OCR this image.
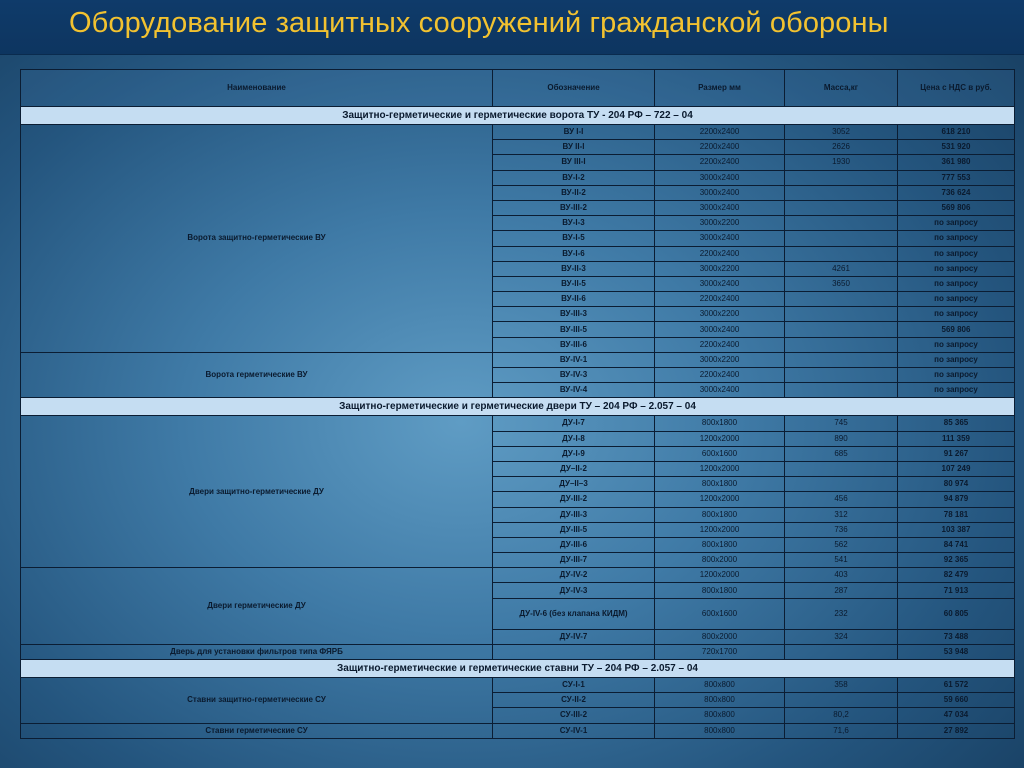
Оборудование защитных сооружений гражданской обороны
Наименование	Обозначение	Размер мм	Масса,кг	Цена с НДС в руб.
Защитно-герметические и герметические ворота ТУ - 204 РФ – 722 – 04				
Ворота защитно-герметические ВУ	ВУ I-I	2200x2400	3052	618 210
	ВУ II-I	2200x2400	2626	531 920
	ВУ III-I	2200x2400	1930	361 980
	ВУ-I-2	3000x2400		777 553
	ВУ-II-2	3000x2400		736 624
	ВУ-III-2	3000x2400		569 806
	ВУ-I-3	3000x2200		по запросу
	ВУ-I-5	3000x2400		по запросу
	ВУ-I-6	2200x2400		по запросу
	ВУ-II-3	3000x2200	4261	по запросу
	ВУ-II-5	3000x2400	3650	по запросу
	ВУ-II-6	2200x2400		по запросу
	ВУ-III-3	3000x2200		по запросу
	ВУ-III-5	3000x2400		569 806
	ВУ-III-6	2200x2400		по запросу
Ворота герметические ВУ	ВУ-IV-1	3000x2200		по запросу
	ВУ-IV-3	2200x2400		по запросу
	ВУ-IV-4	3000x2400		по запросу
Защитно-герметические и герметические двери ТУ – 204 РФ – 2.057 – 04				
Двери защитно-герметические ДУ	ДУ-I-7	800x1800	745	85 365
	ДУ-I-8	1200x2000	890	111 359
	ДУ-I-9	600x1600	685	91 267
	ДУ–II-2	1200x2000		107 249
	ДУ–II–3	800x1800		80 974
	ДУ-III-2	1200x2000	456	94 879
	ДУ-III-3	800x1800	312	78 181
	ДУ-III-5	1200x2000	736	103 387
	ДУ-III-6	800x1800	562	84 741
	ДУ-III-7	800x2000	541	92 365
Двери герметические ДУ	ДУ-IV-2	1200x2000	403	82 479
	ДУ-IV-3	800x1800	287	71 913
	ДУ-IV-6 (без клапана КИДМ)	600x1600	232	60 805
	ДУ-IV-7	800x2000	324	73 488
Дверь для установки фильтров типа ФЯРБ		720x1700		53 948
Защитно-герметические и герметические ставни ТУ – 204 РФ – 2.057 – 04				
Ставни защитно-герметические СУ	СУ-I-1	800x800	358	61 572
	СУ-II-2	800x800		59 660
	СУ-III-2	800x800	80,2	47 034
Ставни герметические СУ	СУ-IV-1	800x800	71,6	27 892
